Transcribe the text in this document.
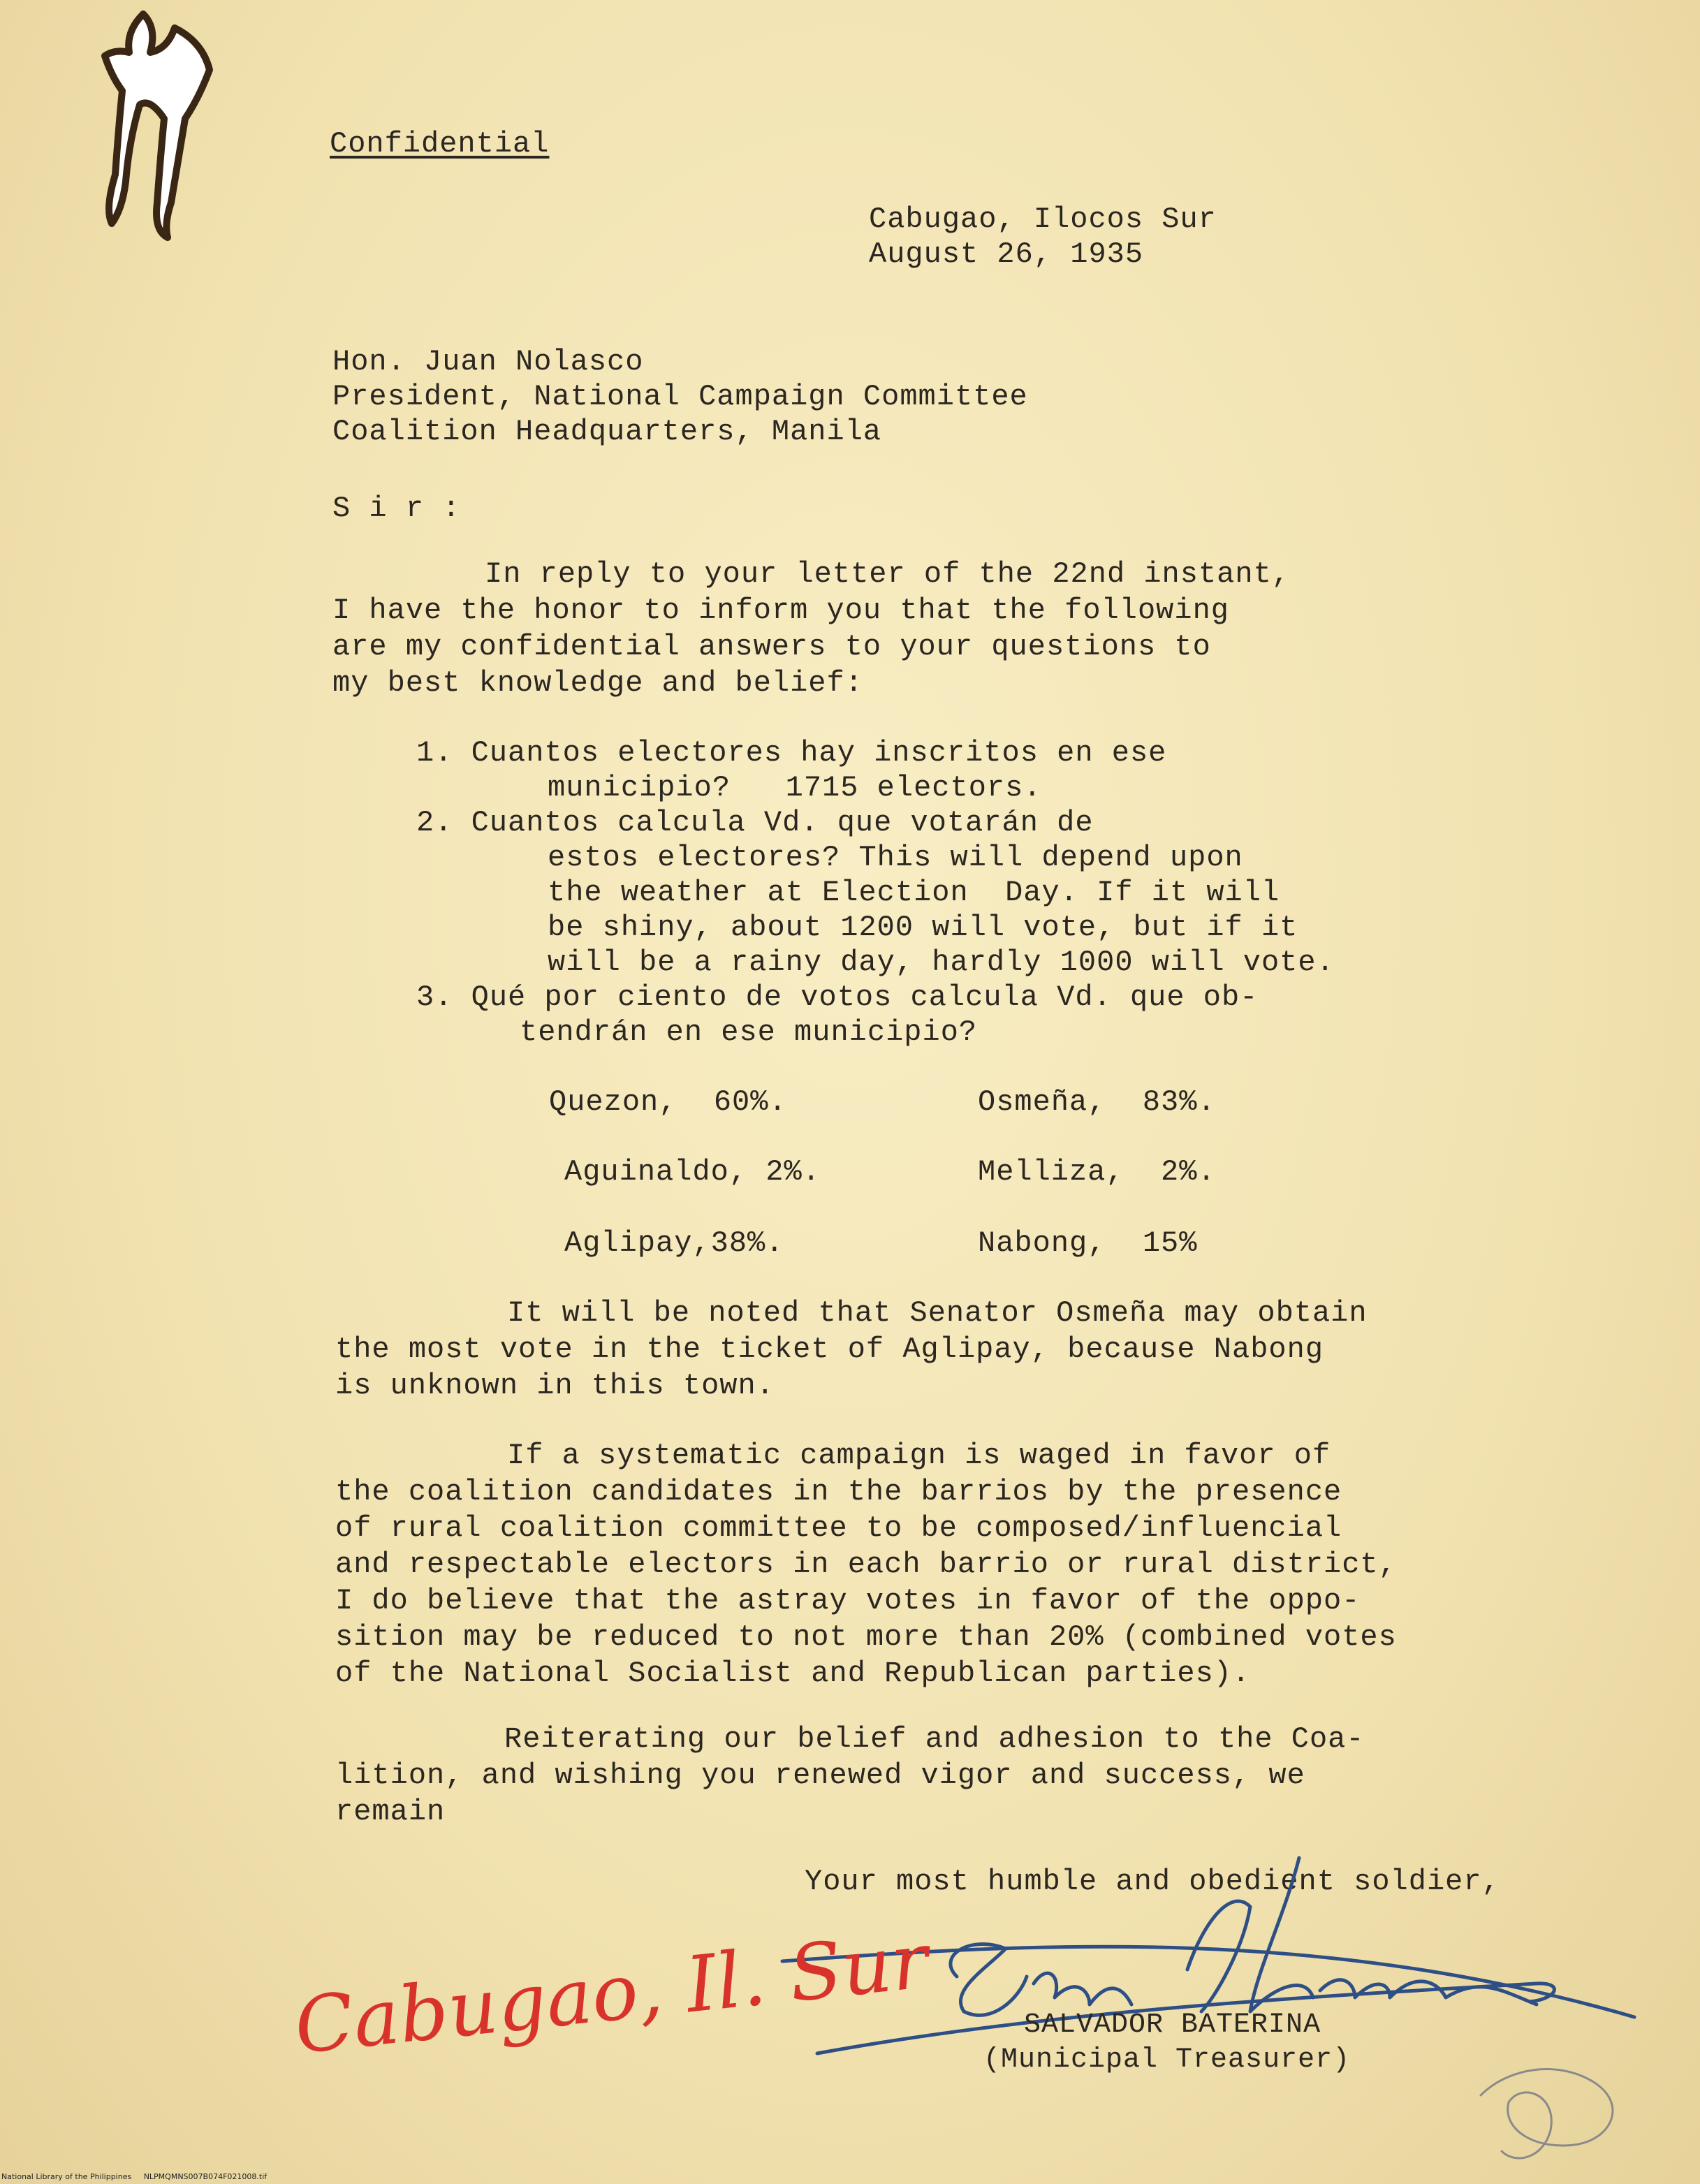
Confidential
Cabugao, Ilocos Sur
August 26, 1935
Hon. Juan Nolasco
President, National Campaign Committee
Coalition Headquarters, Manila
S i r :
In reply to your letter of the 22nd instant,
I have the honor to inform you that the following
are my confidential answers to your questions to
my best knowledge and belief:
1. Cuantos electores hay inscritos en ese
municipio?   1715 electors.
2. Cuantos calcula Vd. que votarán de
estos electores? This will depend upon
the weather at Election  Day. If it will
be shiny, about 1200 will vote, but if it
will be a rainy day, hardly 1000 will vote.
3. Qué por ciento de votos calcula Vd. que ob-
tendrán en ese municipio?
Quezon,  60%.	Osmeña,  83%.
Aguinaldo, 2%.	Melliza,  2%.
Aglipay,38%.	Nabong,  15%
It will be noted that Senator Osmeña may obtain
the most vote in the ticket of Aglipay, because Nabong
is unknown in this town.
If a systematic campaign is waged in favor of
the coalition candidates in the barrios by the presence
of rural coalition committee to be composed/influencial
and respectable electors in each barrio or rural district,
I do believe that the astray votes in favor of the oppo-
sition may be reduced to not more than 20% (combined votes
of the National Socialist and Republican parties).
Reiterating our belief and adhesion to the Coa-
lition, and wishing you renewed vigor and success, we
remain
Your most humble and obedient soldier,
SALVADOR BATERINA
(Municipal Treasurer)
Cabugao, Il. Sur
National Library of the Philippines     NLPMQMNS007B074F021008.tif
